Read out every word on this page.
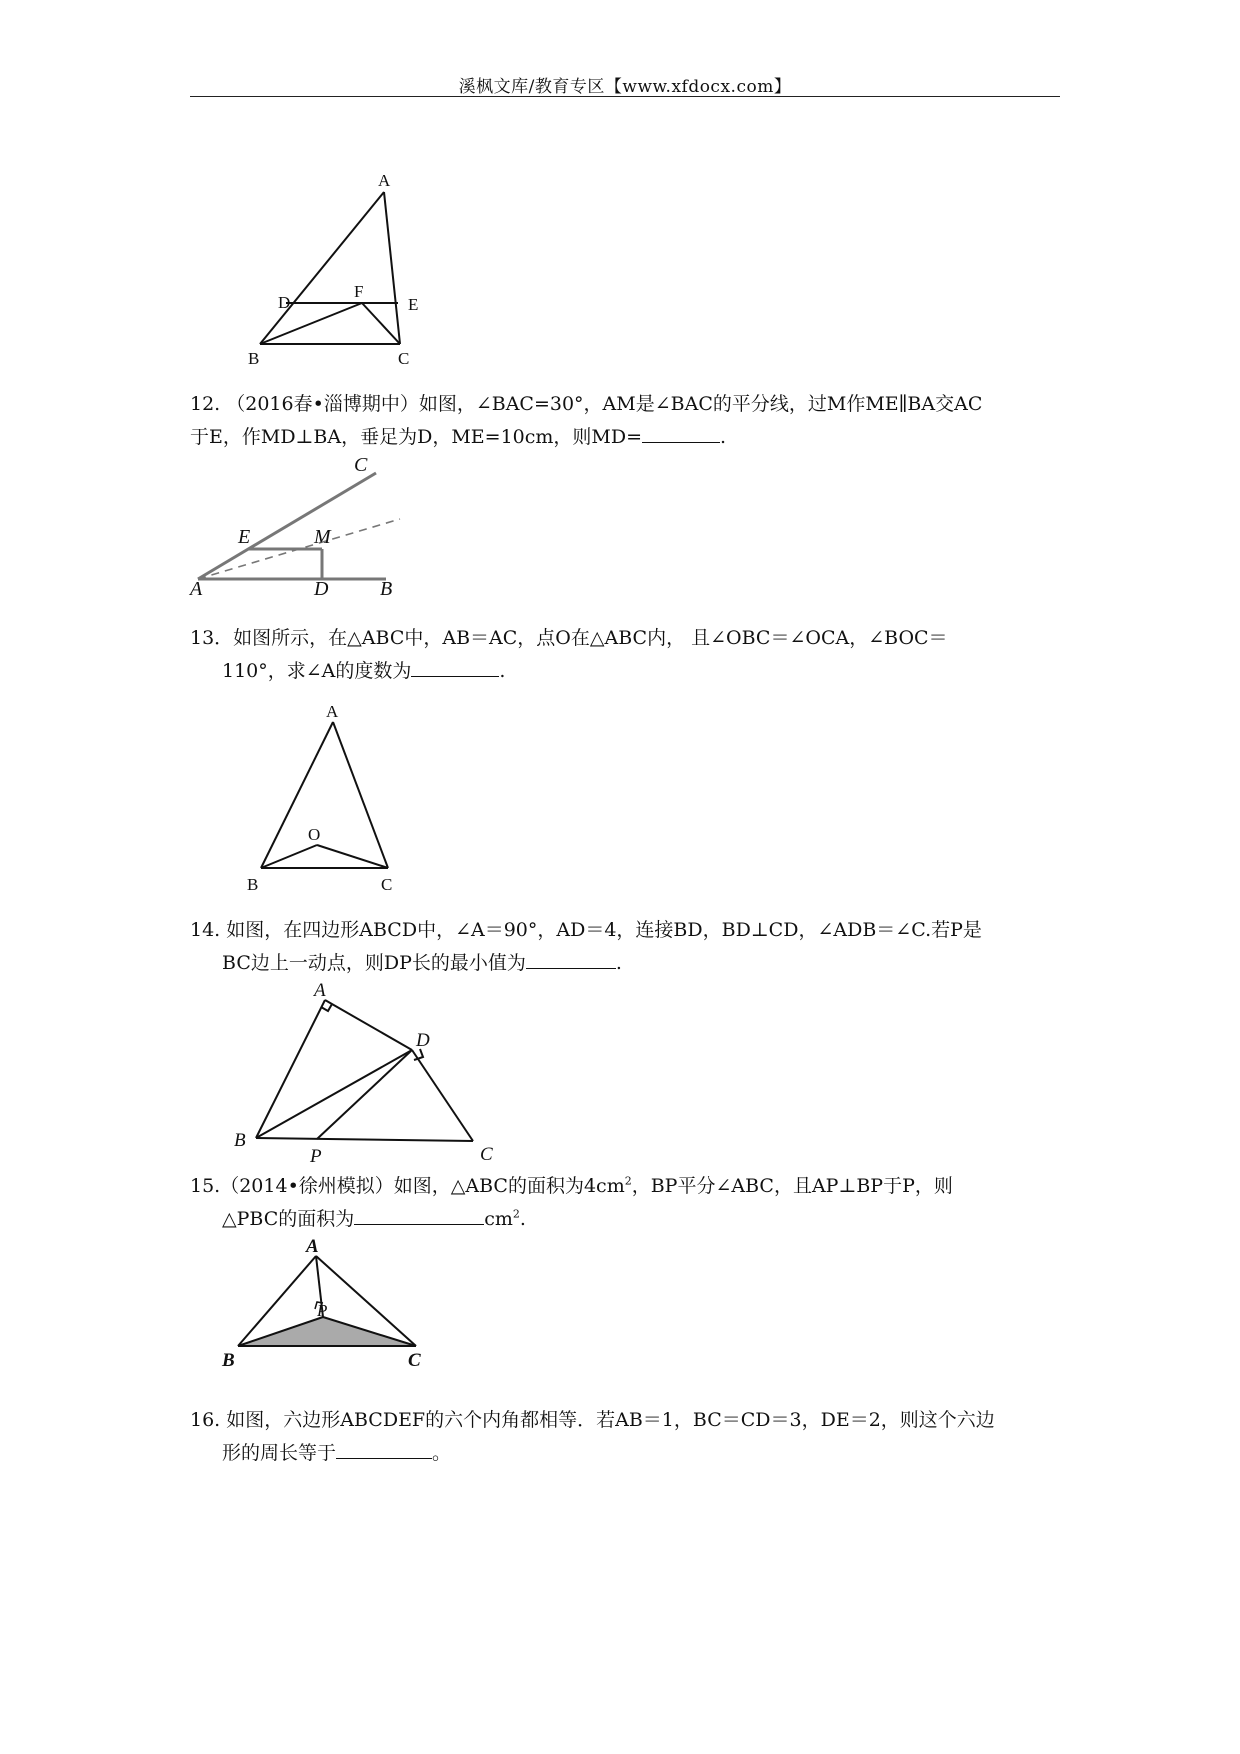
溪枫文库/教育专区【www.xfdocx.com】
A
D
F
E
B	C
12. （2016春•淄博期中）如图，∠BAC=30°，AM是∠BAC的平分线，过M作ME∥BA交AC
于E，作MD⊥BA，垂足为D，ME=10cm，则MD=	.
C
E	M
A	D	B
13．如图所示，在△ABC中，AB＝AC，点O在△ABC内， 且∠OBC＝∠OCA，∠BOC＝
110°，求∠A的度数为	.
A
O
B	C
14. 如图，在四边形ABCD中，∠A＝90°，AD＝4，连接BD，BD⊥CD，∠ADB＝∠C.若P是
BC边上一动点，则DP长的最小值为	.
A
D
B
P	C
15.（2014•徐州模拟）如图，△ABC的面积为$4cm^2$，BP平分∠ABC，且AP⊥BP于P，则
△PBC的面积为	$cm^2$.
A
P
B	C
16. 如图，六边形ABCDEF的六个内角都相等．若AB＝1，BC＝CD＝3，DE＝2，则这个六边
形的周长等于	。
